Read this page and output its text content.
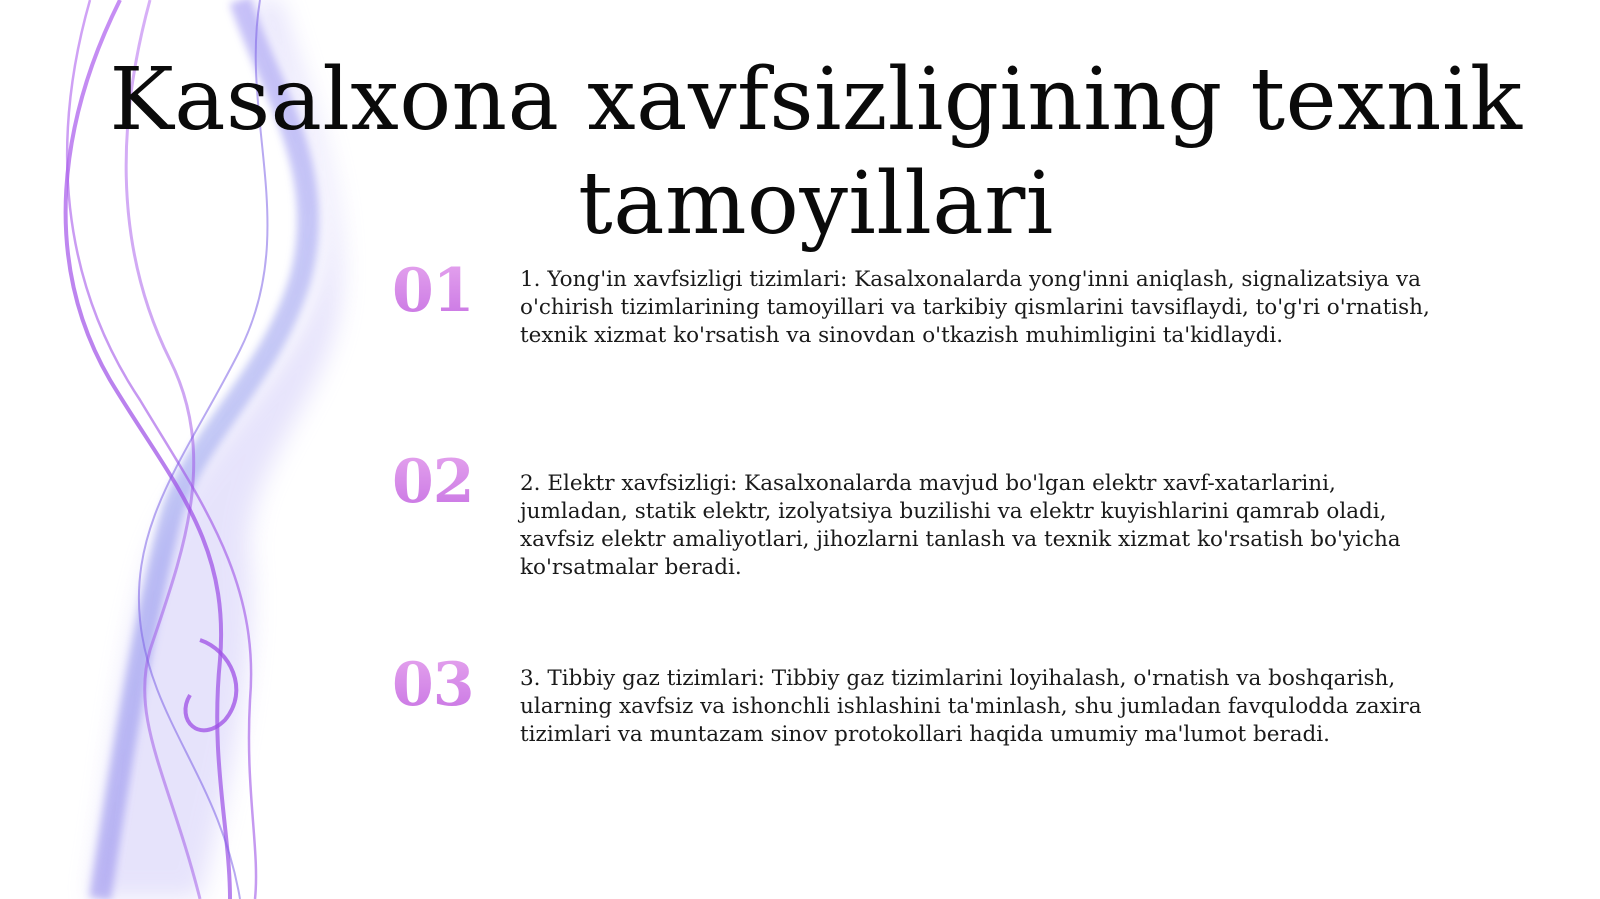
Kasalxona xavfsizligining texnik tamoyillari
01	1. Yong'in xavfsizligi tizimlari: Kasalxonalarda yong'inni aniqlash, signalizatsiya va o'chirish tizimlarining tamoyillari va tarkibiy qismlarini tavsiflaydi, to'g'ri o'rnatish, texnik xizmat ko'rsatish va sinovdan o'tkazish muhimligini ta'kidlaydi.

02	2. Elektr xavfsizligi: Kasalxonalarda mavjud bo'lgan elektr xavf-xatarlarini, jumladan, statik elektr, izolyatsiya buzilishi va elektr kuyishlarini qamrab oladi, xavfsiz elektr amaliyotlari, jihozlarni tanlash va texnik xizmat ko'rsatish bo'yicha ko'rsatmalar beradi.

03	3. Tibbiy gaz tizimlari: Tibbiy gaz tizimlarini loyihalash, o'rnatish va boshqarish, ularning xavfsiz va ishonchli ishlashini ta'minlash, shu jumladan favqulodda zaxira tizimlari va muntazam sinov protokollari haqida umumiy ma'lumot beradi.
